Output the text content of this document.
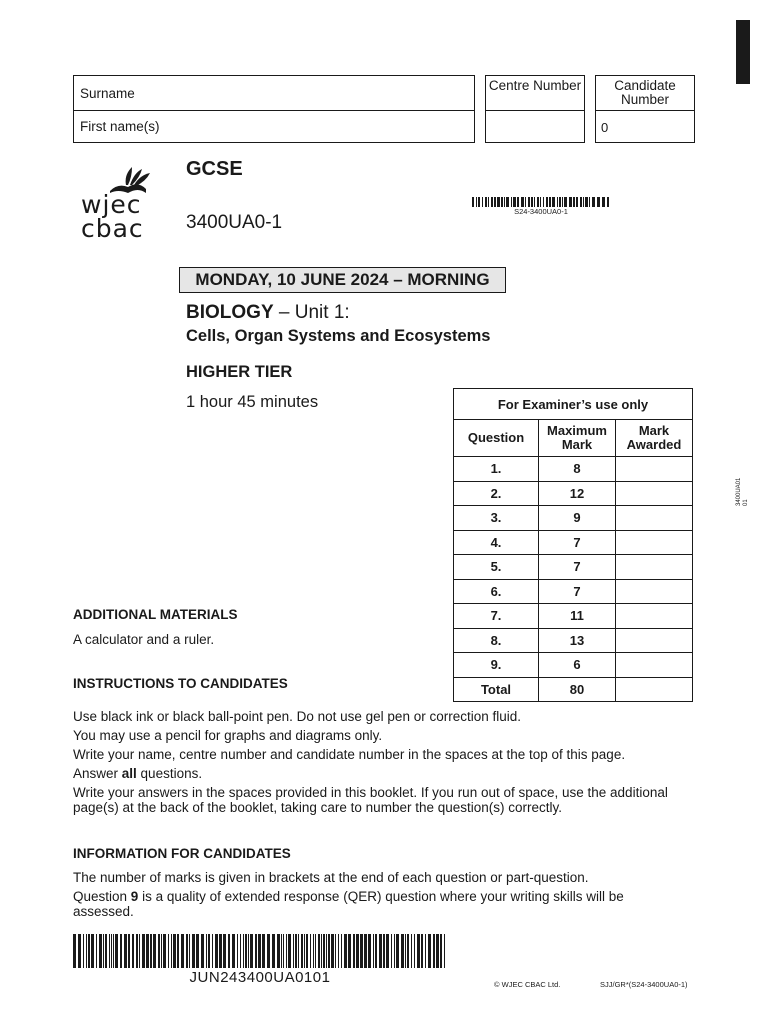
Surname
First name(s)
Centre Number	Candidate Number
0
wjec
cbac
GCSE
3400UA0-1
S24-3400UA0-1
MONDAY, 10 JUNE 2024 – MORNING
BIOLOGY – Unit 1:
Cells, Organ Systems and Ecosystems
HIGHER TIER
1 hour 45 minutes	For Examiner’s use only		
Question	Maximum Mark	Mark Awarded
1.	8	
2.	12	
3.	9	
4.	7	
5.	7	
6.	7	
7.	11	
8.	13	
9.	6	
Total	80	
3400UA01 01
ADDITIONAL MATERIALS
A calculator and a ruler.
INSTRUCTIONS TO CANDIDATES
Use black ink or black ball-point pen. Do not use gel pen or correction fluid.
You may use a pencil for graphs and diagrams only.
Write your name, centre number and candidate number in the spaces at the top of this page.
Answer all questions.
Write your answers in the spaces provided in this booklet. If you run out of space, use the additional page(s) at the back of the booklet, taking care to number the question(s) correctly.
INFORMATION FOR CANDIDATES
The number of marks is given in brackets at the end of each question or part-question.
Question 9 is a quality of extended response (QER) question where your writing skills will be assessed.
JUN243400UA0101	© WJEC CBAC Ltd.	SJJ/GR*(S24-3400UA0-1)
